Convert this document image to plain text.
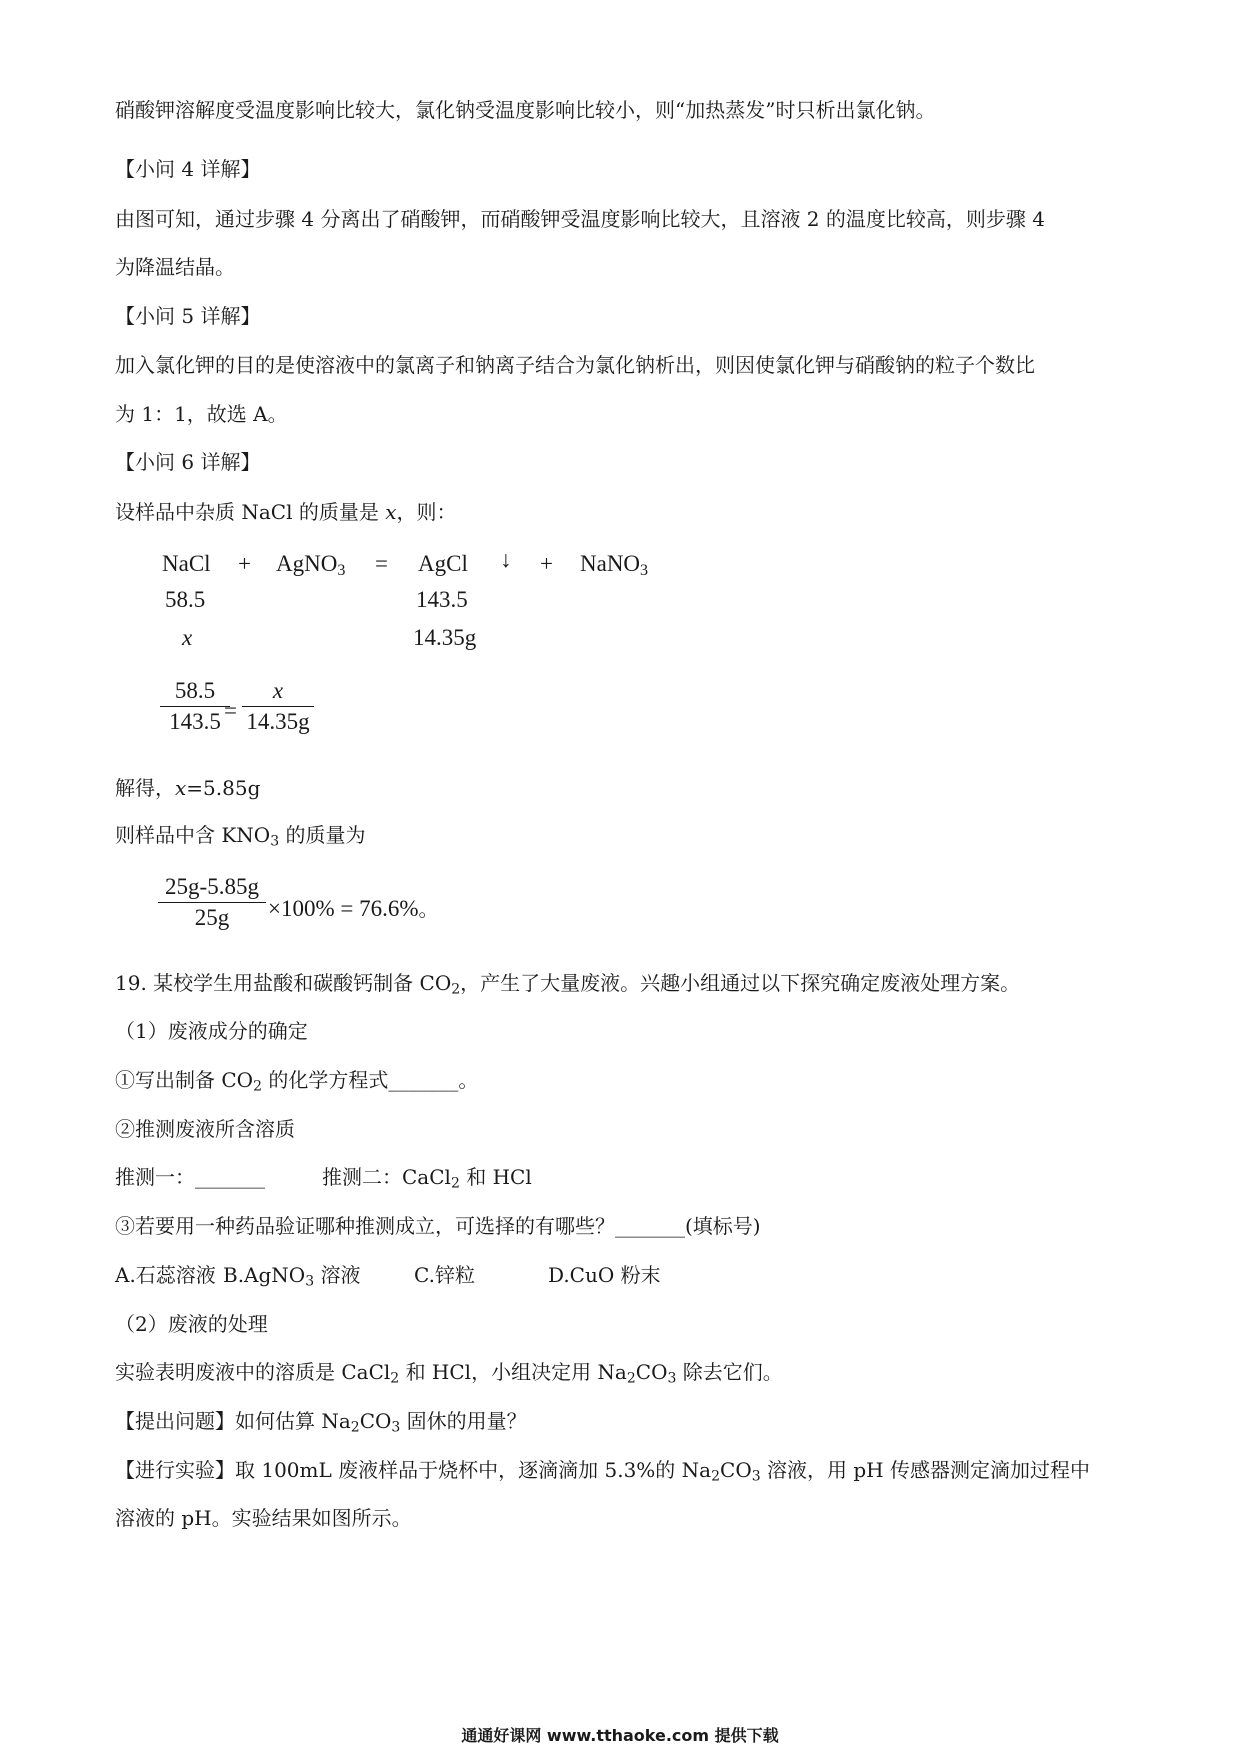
硝酸钾溶解度受温度影响比较大，氯化钠受温度影响比较小，则“加热蒸发”时只析出氯化钠。
【小问 4 详解】
由图可知，通过步骤 4 分离出了硝酸钾，而硝酸钾受温度影响比较大，且溶液 2 的温度比较高，则步骤 4
为降温结晶。
【小问 5 详解】
加入氯化钾的目的是使溶液中的氯离子和钠离子结合为氯化钠析出，则因使氯化钾与硝酸钠的粒子个数比
为 1：1，故选 A。
【小问 6 详解】
设样品中杂质 NaCl 的质量是 x，则：
NaCl + AgNO$_3$ = AgCl ↓ + NaNO$_3$
58.5	143.5
x	14.35g
$\frac{58.5}{143.5}$
= $\frac{x}{14.35g}$
解得，x=5.85g
则样品中含 $KNO_3$ 的质量为
$\frac{25g-5.85g}{25g} \times 100\% = 76.6\%$。
19. 某校学生用盐酸和碳酸钙制备 $CO_2$，产生了大量废液。兴趣小组通过以下探究确定废液处理方案。
（1）废液成分的确定
①写出制备 $CO_2$ 的化学方程式_______。
②推测废液所含溶质
推测一：_______	推测二：CaCl$_2$ 和 HCl
③若要用一种药品验证哪种推测成立，可选择的有哪些？_______(填标号)
A.石蕊溶液 B.AgNO$_3$ 溶液	C.锌粒	D.CuO 粉末
（2）废液的处理
实验表明废液中的溶质是 CaCl$_2$ 和 HCl，小组决定用 $Na_2CO_3$ 除去它们。
【提出问题】如何估算 $Na_2CO_3$ 固休的用量？
【进行实验】取 100mL 废液样品于烧杯中，逐滴滴加 5.3%的 $Na_2CO_3$ 溶液，用 pH 传感器测定滴加过程中
溶液的 pH。实验结果如图所示。
通通好课网 www.tthaoke.com 提供下载
